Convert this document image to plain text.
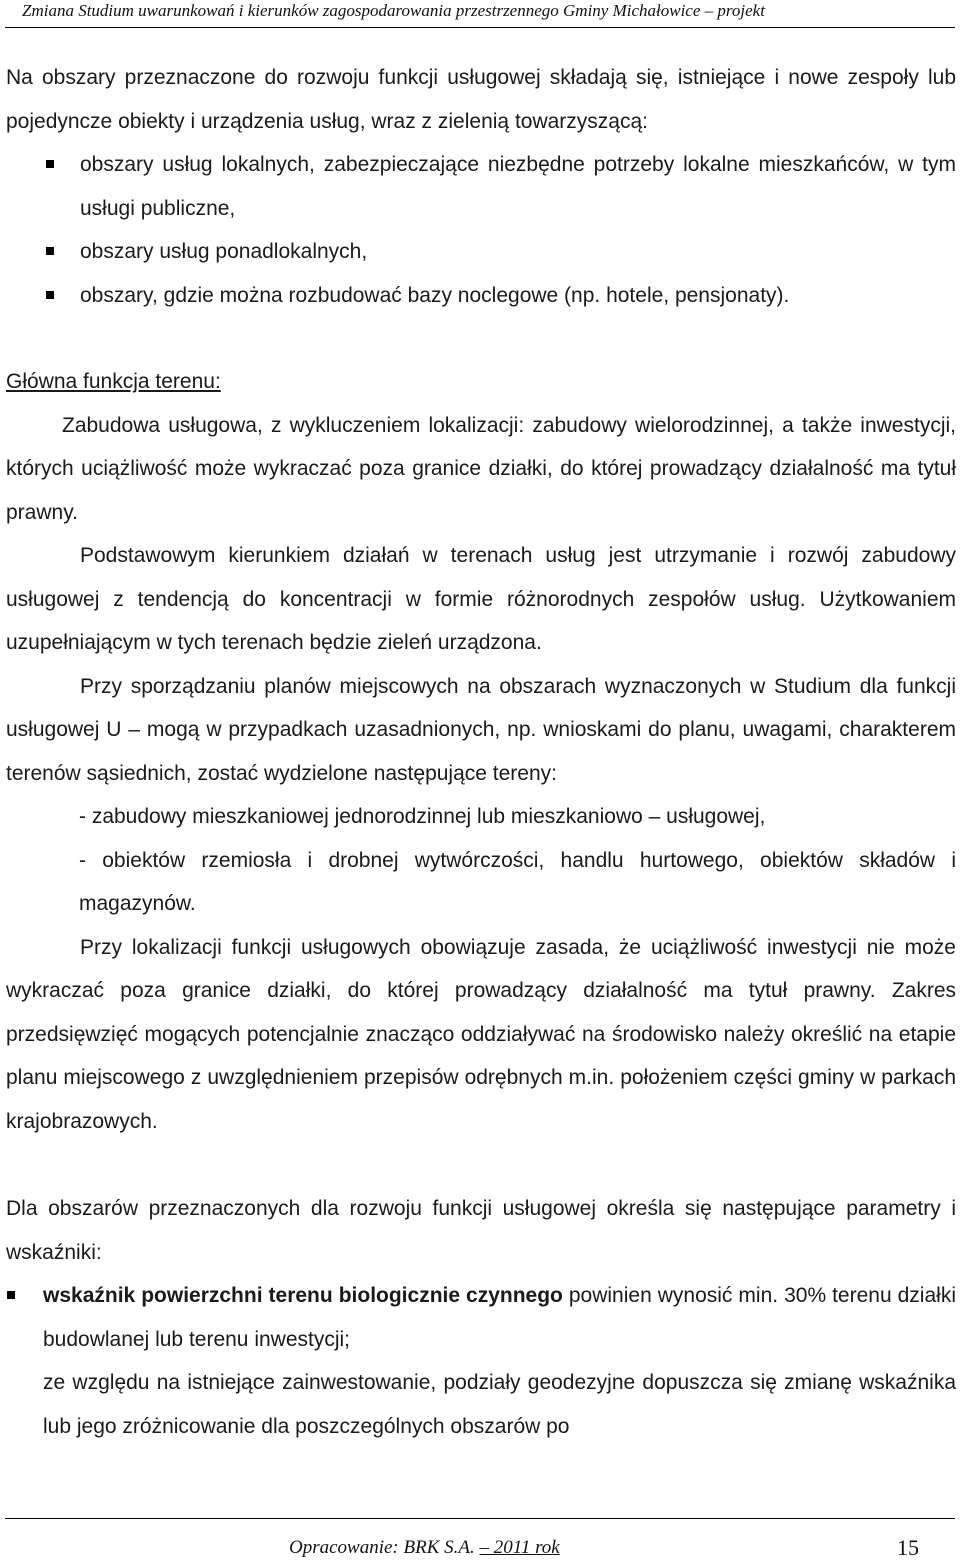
Zmiana Studium uwarunkowań i kierunków zagospodarowania przestrzennego Gminy Michałowice – projekt

Na obszary przeznaczone do rozwoju funkcji usługowej składają się, istniejące i nowe zespoły lub pojedyncze obiekty i urządzenia usług, wraz z zielenią towarzyszącą:

obszary usług lokalnych, zabezpieczające niezbędne potrzeby lokalne mieszkańców, w tym usługi publiczne,
obszary usług ponadlokalnych,
obszary, gdzie można rozbudować bazy noclegowe (np. hotele, pensjonaty).

Główna funkcja terenu:

Zabudowa usługowa, z wykluczeniem lokalizacji: zabudowy wielorodzinnej, a także inwestycji, których uciążliwość może wykraczać poza granice działki, do której prowadzący działalność ma tytuł prawny.

Podstawowym kierunkiem działań w terenach usług jest utrzymanie i rozwój zabudowy usługowej z tendencją do koncentracji w formie różnorodnych zespołów usług. Użytkowaniem uzupełniającym w tych terenach będzie zieleń urządzona.

Przy sporządzaniu planów miejscowych na obszarach wyznaczonych w Studium dla funkcji usługowej U – mogą w przypadkach uzasadnionych, np. wnioskami do planu, uwagami, charakterem terenów sąsiednich, zostać wydzielone następujące tereny:

- zabudowy mieszkaniowej jednorodzinnej lub mieszkaniowo – usługowej,

- obiektów rzemiosła i drobnej wytwórczości, handlu hurtowego, obiektów składów i magazynów.

Przy lokalizacji funkcji usługowych obowiązuje zasada, że uciążliwość inwestycji nie może wykraczać poza granice działki, do której prowadzący działalność ma tytuł prawny. Zakres przedsięwzięć mogących potencjalnie znacząco oddziaływać na środowisko należy określić na etapie planu miejscowego z uwzględnieniem przepisów odrębnych m.in. położeniem części gminy w parkach krajobrazowych.

Dla obszarów przeznaczonych dla rozwoju funkcji usługowej określa się następujące parametry i wskaźniki:

wskaźnik powierzchni terenu biologicznie czynnego powinien wynosić min. 30% terenu działki budowlanej lub terenu inwestycji;

ze względu na istniejące zainwestowanie, podziały geodezyjne dopuszcza się zmianę wskaźnika lub jego zróżnicowanie dla poszczególnych obszarów po

Opracowanie: BRK S.A. – 2011 rok	15
